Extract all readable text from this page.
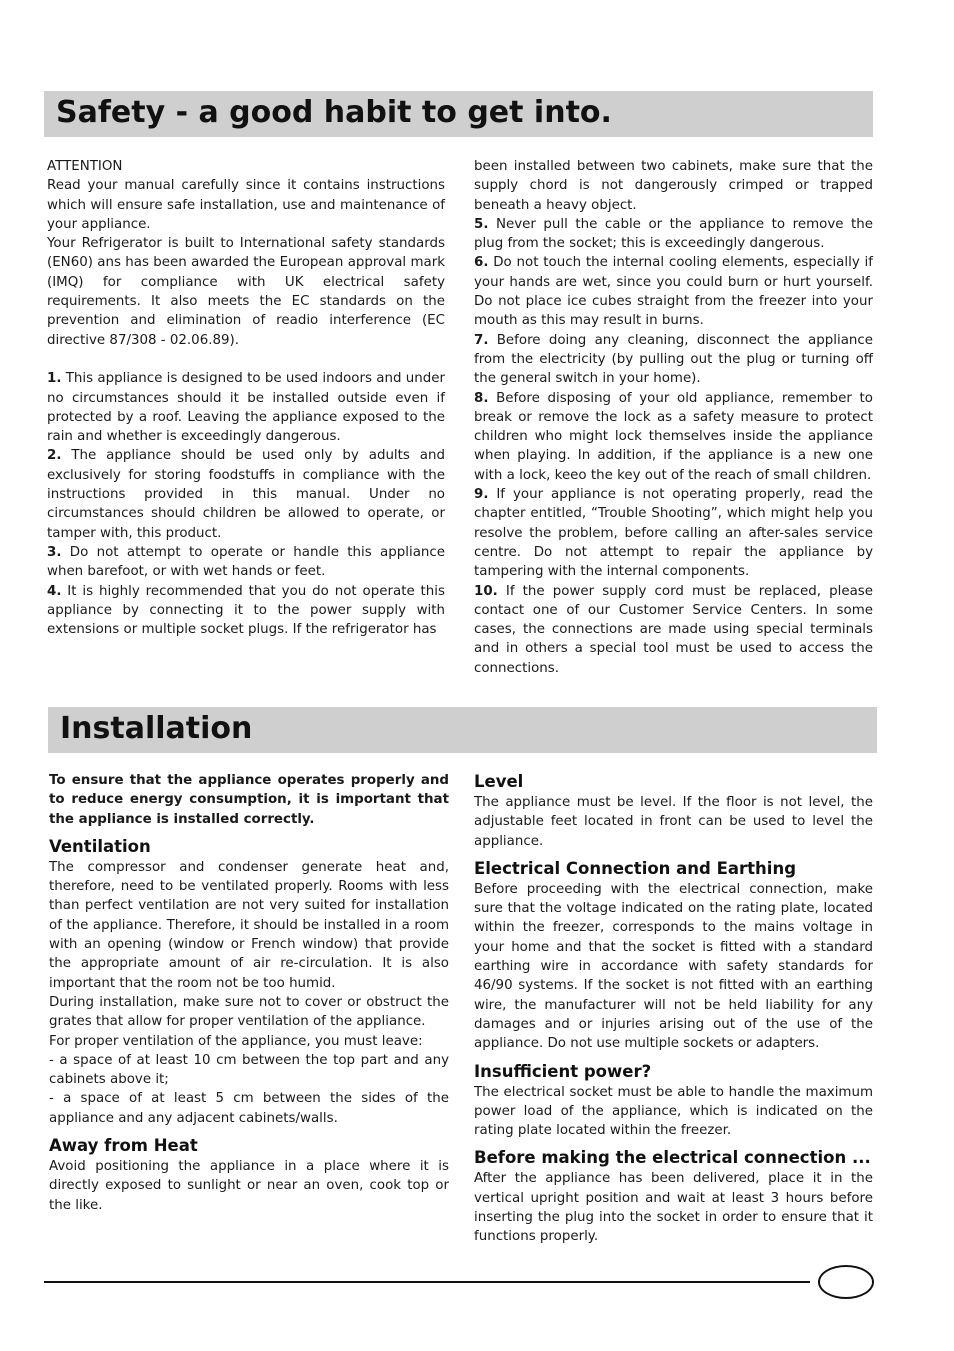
Safety - a good habit to get into.

ATTENTION

Read your manual carefully since it contains instructions which will ensure safe installation, use and maintenance of your appliance.

Your Refrigerator is built to International safety standards (EN60) ans has been awarded the European approval mark (IMQ) for compliance with UK electrical safety requirements. It also meets the EC standards on the prevention and elimination of readio interference (EC directive 87/308 - 02.06.89).

1. This appliance is designed to be used indoors and under no circumstances should it be installed outside even if protected by a roof. Leaving the appliance exposed to the rain and whether is exceedingly dangerous.

2. The appliance should be used only by adults and exclusively for storing foodstuffs in compliance with the instructions provided in this manual. Under no circumstances should children be allowed to operate, or tamper with, this product.

3. Do not attempt to operate or handle this appliance when barefoot, or with wet hands or feet.

4. It is highly recommended that you do not operate this appliance by connecting it to the power supply with extensions or multiple socket plugs. If the refrigerator has

been installed between two cabinets, make sure that the supply chord is not dangerously crimped or trapped beneath a heavy object.

5. Never pull the cable or the appliance to remove the plug from the socket; this is exceedingly dangerous.

6. Do not touch the internal cooling elements, especially if your hands are wet, since you could burn or hurt yourself. Do not place ice cubes straight from the freezer into your mouth as this may result in burns.

7. Before doing any cleaning, disconnect the appliance from the electricity (by pulling out the plug or turning off the general switch in your home).

8. Before disposing of your old appliance, remember to break or remove the lock as a safety measure to protect children who might lock themselves inside the appliance when playing. In addition, if the appliance is a new one with a lock, keeo the key out of the reach of small children.

9. If your appliance is not operating properly, read the chapter entitled, “Trouble Shooting”, which might help you resolve the problem, before calling an after-sales service centre. Do not attempt to repair the appliance by tampering with the internal components.

10. If the power supply cord must be replaced, please contact one of our Customer Service Centers. In some cases, the connections are made using special terminals and in others a special tool must be used to access the connections.

Installation

To ensure that the appliance operates properly and to reduce energy consumption, it is important that the appliance is installed correctly.

Ventilation

The compressor and condenser generate heat and, therefore, need to be ventilated properly. Rooms with less than perfect ventilation are not very suited for installation of the appliance. Therefore, it should be installed in a room with an opening (window or French window) that provide the appropriate amount of air re-circulation. It is also important that the room not be too humid.

During installation, make sure not to cover or obstruct the grates that allow for proper ventilation of the appliance.

For proper ventilation of the appliance, you must leave:

- a space of at least 10 cm between the top part and any cabinets above it;

- a space of at least 5 cm between the sides of the appliance and any adjacent cabinets/walls.

Away from Heat

Avoid positioning the appliance in a place where it is directly exposed to sunlight or near an oven, cook top or the like.

Level

The appliance must be level. If the floor is not level, the adjustable feet located in front can be used to level the appliance.

Electrical Connection and Earthing

Before proceeding with the electrical connection, make sure that the voltage indicated on the rating plate, located within the freezer, corresponds to the mains voltage in your home and that the socket is fitted with a standard earthing wire in accordance with safety standards for 46/90 systems. If the socket is not fitted with an earthing wire, the manufacturer will not be held liability for any damages and or injuries arising out of the use of the appliance. Do not use multiple sockets or adapters.

Insufficient power?

The electrical socket must be able to handle the maximum power load of the appliance, which is indicated on the rating plate located within the freezer.

Before making the electrical connection ...

After the appliance has been delivered, place it in the vertical upright position and wait at least 3 hours before inserting the plug into the socket in order to ensure that it functions properly.
